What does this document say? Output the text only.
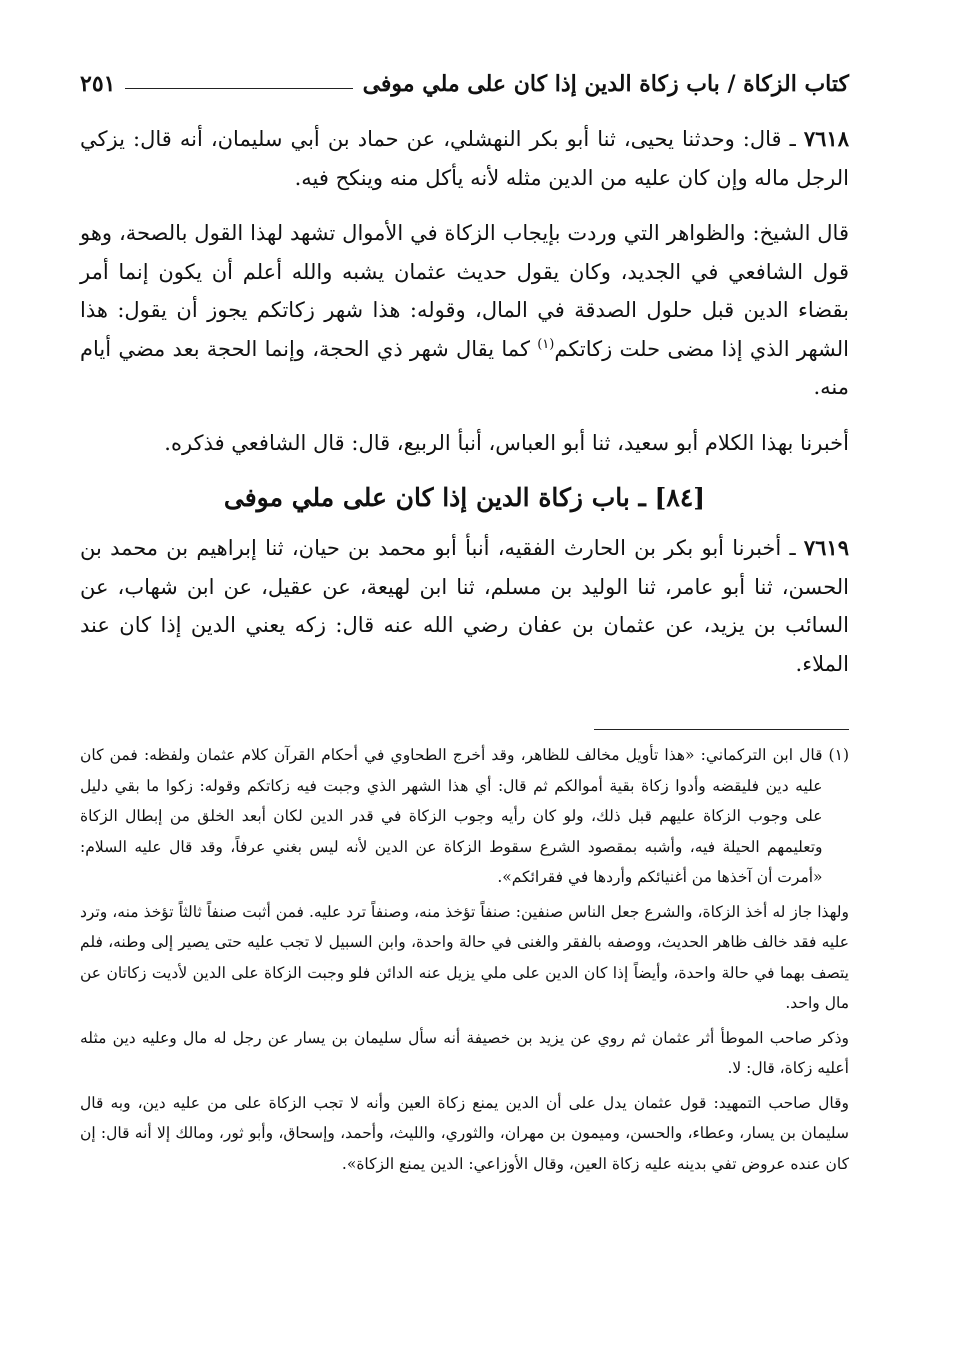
كتاب الزكاة / باب زكاة الدين إذا كان على ملي موفى
٢٥١

٧٦١٨ ـ قال: وحدثنا يحيى، ثنا أبو بكر النهشلي، عن حماد بن أبي سليمان، أنه قال: يزكي الرجل ماله وإن كان عليه من الدين مثله لأنه يأكل منه وينكح فيه.

قال الشيخ: والظواهر التي وردت بإيجاب الزكاة في الأموال تشهد لهذا القول بالصحة، وهو قول الشافعي في الجديد، وكان يقول حديث عثمان يشبه والله أعلم أن يكون إنما أمر بقضاء الدين قبل حلول الصدقة في المال، وقوله: هذا شهر زكاتكم يجوز أن يقول: هذا الشهر الذي إذا مضى حلت زكاتكم$^{(١)}$ كما يقال شهر ذي الحجة، وإنما الحجة بعد مضي أيام منه.

أخبرنا بهذا الكلام أبو سعيد، ثنا أبو العباس، أنبأ الربيع، قال: قال الشافعي فذكره.

[٨٤] ـ باب زكاة الدين إذا كان على ملي موفى

٧٦١٩ ـ أخبرنا أبو بكر بن الحارث الفقيه، أنبأ أبو محمد بن حيان، ثنا إبراهيم بن محمد بن الحسن، ثنا أبو عامر، ثنا الوليد بن مسلم، ثنا ابن لهيعة، عن عقيل، عن ابن شهاب، عن السائب بن يزيد، عن عثمان بن عفان رضي الله عنه قال: زكه يعني الدين إذا كان عند الملاء.

(١)
قال ابن التركماني: «هذا تأويل مخالف للظاهر، وقد أخرج الطحاوي في أحكام القرآن كلام عثمان ولفظه: فمن كان عليه دين فليقضه وأدوا زكاة بقية أموالكم ثم قال: أي هذا الشهر الذي وجبت فيه زكاتكم وقوله: زكوا ما بقي دليل على وجوب الزكاة عليهم قبل ذلك، ولو كان رأيه وجوب الزكاة في قدر الدين لكان أبعد الخلق من إبطال الزكاة وتعليمهم الحيلة فيه، وأشبه بمقصود الشرع سقوط الزكاة عن الدين لأنه ليس بغني عرفاً، وقد قال عليه السلام: «أمرت أن آخذها من أغنيائكم وأردها في فقرائكم».

ولهذا جاز له أخذ الزكاة، والشرع جعل الناس صنفين: صنفاً تؤخذ منه، وصنفاً ترد عليه. فمن أثبت صنفاً ثالثاً تؤخذ منه، وترد عليه فقد خالف ظاهر الحديث، ووصفه بالفقر والغنى في حالة واحدة، وابن السبيل لا تجب عليه حتى يصير إلى وطنه، فلم يتصف بهما في حالة واحدة، وأيضاً إذا كان الدين على ملي يزيل عنه الدائن فلو وجبت الزكاة على الدين لأديت زكاتان عن مال واحد.

وذكر صاحب الموطأ أثر عثمان ثم روي عن يزيد بن خصيفة أنه سأل سليمان بن يسار عن رجل له مال وعليه دين مثله أعليه زكاة، قال: لا.

وقال صاحب التمهيد: قول عثمان يدل على أن الدين يمنع زكاة العين وأنه لا تجب الزكاة على من عليه دين، وبه قال سليمان بن يسار، وعطاء، والحسن، وميمون بن مهران، والثوري، والليث، وأحمد، وإسحاق، وأبو ثور، ومالك إلا أنه قال: إن كان عنده عروض تفي بدينه عليه زكاة العين، وقال الأوزاعي: الدين يمنع الزكاة».
